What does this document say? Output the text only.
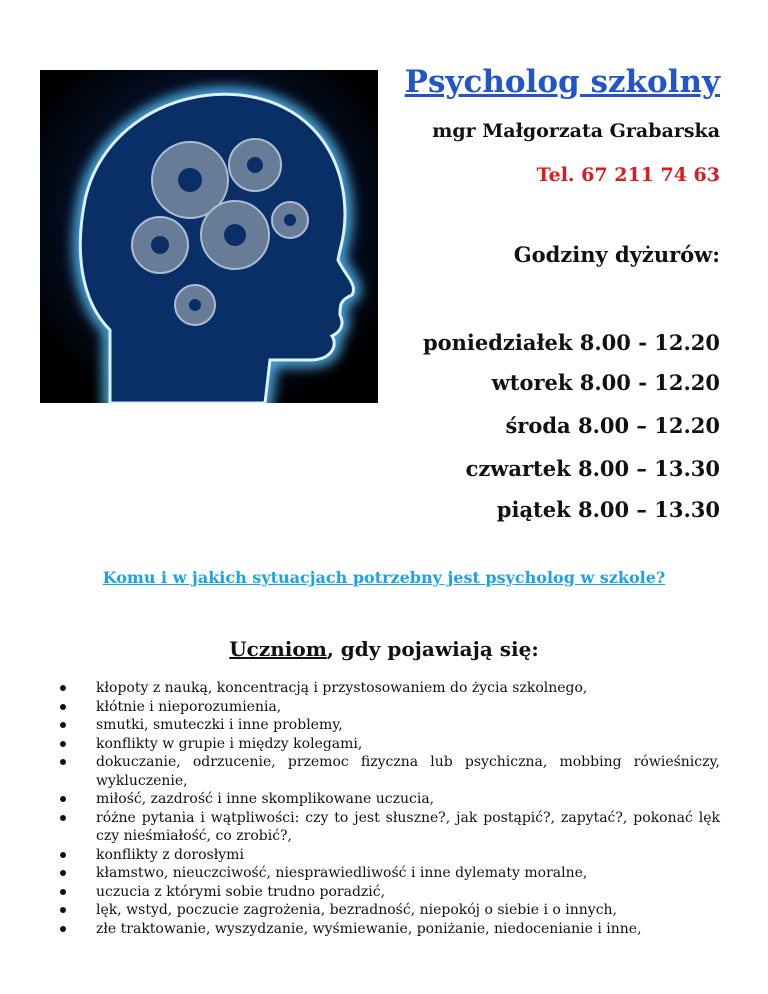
Psycholog szkolny
mgr Małgorzata Grabarska
Tel. 67 211 74 63
Godziny dyżurów:
poniedziałek 8.00 - 12.20
wtorek 8.00 - 12.20
środa 8.00 – 12.20
czwartek 8.00 – 13.30
piątek 8.00 – 13.30
Komu i w jakich sytuacjach potrzebny jest psycholog w szkole?
Uczniom, gdy pojawiają się:
kłopoty z nauką, koncentracją i przystosowaniem do życia szkolnego,
kłótnie i nieporozumienia,
smutki, smuteczki i inne problemy,
konflikty w grupie i między kolegami,
dokuczanie, odrzucenie, przemoc fizyczna lub psychiczna, mobbing rówieśniczy, wykluczenie,
miłość, zazdrość i inne skomplikowane uczucia,
różne pytania i wątpliwości: czy to jest słuszne?, jak postąpić?, zapytać?, pokonać lęk czy nieśmiałość, co zrobić?,
konflikty z dorosłymi
kłamstwo, nieuczciwość, niesprawiedliwość i inne dylematy moralne,
uczucia z którymi sobie trudno poradzić,
lęk, wstyd, poczucie zagrożenia, bezradność, niepokój o siebie i o innych,
złe traktowanie, wyszydzanie, wyśmiewanie, poniżanie, niedocenianie i inne,
